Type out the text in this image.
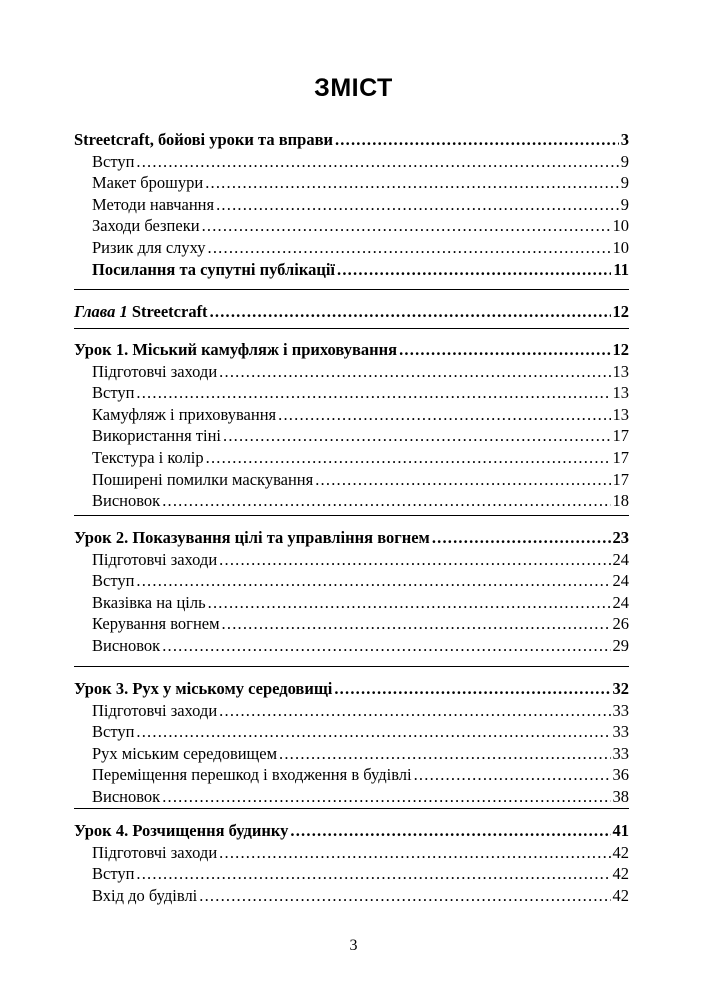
ЗМІСТ
Streetcraft, бойові уроки та вправи .....	3
Вступ .....	9
Макет брошури .....	9
Методи навчання .....	9
Заходи безпеки .....	10
Ризик для слуху .....	10
Посилання та супутні публікації .....	11
Глава 1 Streetcraft .....	12
Урок 1. Міський камуфляж і приховування .....	12
Підготовчі заходи .....	13
Вступ .....	13
Камуфляж і приховування .....	13
Використання тіні .....	17
Текстура і колір .....	17
Поширені помилки маскування .....	17
Висновок .....	18
Урок 2. Показування цілі та управління вогнем .....	23
Підготовчі заходи .....	24
Вступ .....	24
Вказівка на ціль .....	24
Керування вогнем .....	26
Висновок .....	29
Урок 3. Рух у міському середовищі .....	32
Підготовчі заходи .....	33
Вступ .....	33
Рух міським середовищем .....	33
Переміщення перешкод і входження в будівлі .....	36
Висновок .....	38
Урок 4. Розчищення будинку .....	41
Підготовчі заходи .....	42
Вступ .....	42
Вхід до будівлі .....	42
3
